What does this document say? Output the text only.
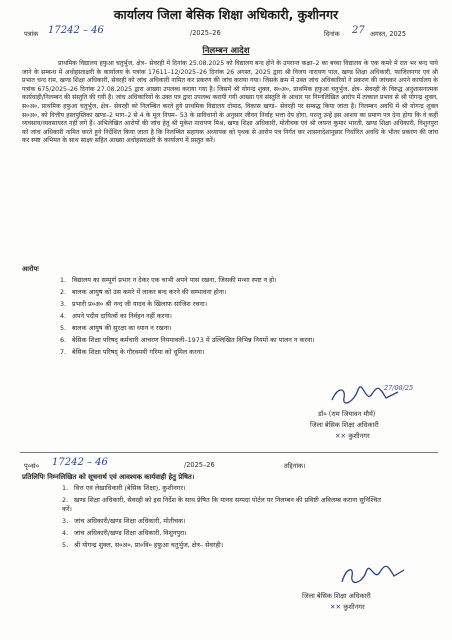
कार्यालय जिला बेसिक शिक्षा अधिकारी, कुशीनगर
पत्रांक 17242 – 46	/2025–26	दिनांक 27 अगस्त, 2025
निलम्बन आदेश
प्राथमिक विद्यालय हफुआ चतुर्भुज, क्षेत्र– सेवरही में दिनांक 25.08.2025 को विद्यालय बन्द होने के उपरान्त कक्षा–2 का बच्चा विद्यालय के एक कमरे में रात भर बन्द पाये जाने के सम्बन्ध में अधोहस्ताक्षरी के कार्यालय के पत्रांक 17611–12/2025–26 दिनांक 26 अगस्त, 2025 द्वारा श्री विजय नारायण पाल, खण्ड शिक्षा अधिकारी, फाजिलनगर एवं श्री प्रभात चन्द राम, खण्ड शिक्षा अधिकारी, सेवरही को जांच अधिकारी नामित कर प्रकरण की जांच कराया गया। जिसके क्रम में उक्त जांच अधिकारियों ने प्रकरण की जांचकर अपने कार्यालय के पत्रांक 675/2025–26 दिनांक 27.08.2025 द्वारा आख्या उपलब्ध कराया गया है। जिसमें श्री योगन्द्र शुक्ल, स०अ०, प्राथमिक हफुआ चतुर्भुज, क्षेत्र– सेवरही के विरुद्ध अनुशासनात्मक कार्यवाही/निलम्बन की संस्तुति की गयी है। जांच अधिकारियों के उक्त पत्र द्वारा उपलब्ध करायी गयी आख्या एवं संस्तुति के आधार पर निम्नलिखित आरोप में तत्काल प्रभाव से श्री योगन्द्र शुक्ल, स०अ०, प्राथमिक हफुआ चतुर्भुज, क्षेत्र– सेवरही को निलम्बित करते हुये प्राथमिक विद्यालय दोमाठ, विकास खण्ड– सेवरही पर सम्बद्ध किया जाता है। निलम्बन अवधि में श्री योगन्द्र शुक्ल स०अ०, को वित्तीय हस्तपुस्तिका खण्ड–2 भाग–2 से 4 के मूल नियम– 53 के प्राविधानों के अनुसार जीवन निर्वाह भत्ता देय होगा, परन्तु उन्हें इस आशय का प्रमाण पत्र देना होगा कि वे कहीं व्यवसाय/व्यवसायरत नहीं लगे हैं। अभिलेखित आरोपों की जांच हेतु श्री मुकेश नारायण मिश्र, खण्ड शिक्षा अधिकारी, मोतीचक एवं श्री जयन्त कुमार भारती, खण्ड शिक्षा अधिकारी, विशुनपुरा को जांच अधिकारी नामित करते हुये निर्देशित किया जाता है कि निलम्बित सहायक अध्यापक को पृथक से आरोप पत्र निर्गत कर शासनादेशानुसार निर्धारित अवधि के भीतर प्रकरण की जांच कर स्पष्ट अभिमत के साथ साक्ष्य सहित आख्या अधोहस्ताक्षरी के कार्यालय में प्रस्तुत करें।
आरोपः
1. विद्यालय का सम्पूर्ण प्रभार न देकर एक चाभी अपने पास रखना, जिसकी मन्शा स्पष्ट न हो।
2. बालक आयुष को उस कमरे में लाकर बन्द करने की सम्भावना होना।
3. प्रभारी प्र०अ० श्री नन्द जी यादव के खिलाफ साजिश रचना।
4. अपने पदीय दायित्वों का निर्वहन नहीं करना।
5. बालक आयुष की सुरक्षा का ध्यान न रखना।
6. बेसिक शिक्षा परिषद् कर्मचारी आचरण नियमावली–1973 में उल्लिखित विभिन्न नियमों का पालन न करना।
7. बेसिक शिक्षा परिषद् के गौरवमयी गरिमा को धूमिल करना।
27/08/25
डॉ० (राम जियावन मौर्य)
जिला बेसिक शिक्षा अधिकारी
✕✕ कुशीनगर
पृ०सं० 17242 – 46	/2025–26	तद्दिनांक।
प्रतिलिपिः निम्नलिखित को सूचनार्थ एवं आवश्यक कार्यवाही हेतु प्रेषित।
1. वित्त एवं लेखाधिकारी (बेसिक शिक्षा), कुशीनगर।
2. खण्ड शिक्षा अधिकारी, सेवरही को इस निर्देश के साथ प्रेषित कि मानव सम्पदा पोर्टल पर निलम्बन की प्रविष्टी अविलम्ब कराना सुनिश्चित करें।
3. जांच अधिकारी/खण्ड शिक्षा अधिकारी, मोतीचक।
4. जांच अधिकारी/खण्ड शिक्षा अधिकारी, विशुनपुरा।
5. श्री योगन्द्र शुक्ल, स०अ०, प्रा०वि० हफुआ चतुर्भुज, क्षेत्र– सेवरही।
जिला बेसिक शिक्षा अधिकारी
✕✕ कुशीनगर
